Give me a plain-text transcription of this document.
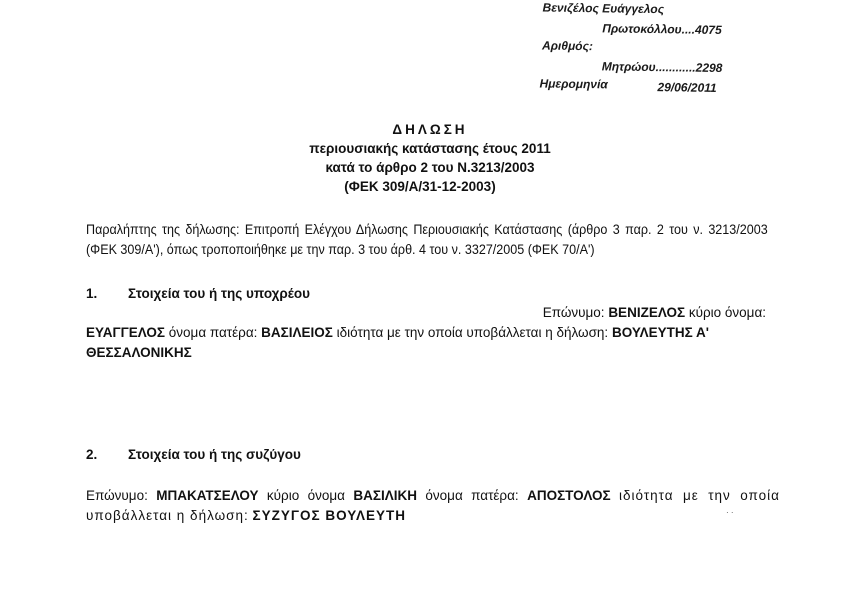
Βενιζέλος Ευάγγελος
Πρωτοκόλλου....4075
Αριθμός:
Μητρώου............2298
Ημερομηνία	29/06/2011
ΔΗΛΩΣΗ
περιουσιακής κατάστασης έτους 2011
κατά το άρθρο 2 του Ν.3213/2003
(ΦΕΚ 309/Α/31-12-2003)
Παραλήπτης της δήλωσης: Επιτροπή Ελέγχου Δήλωσης Περιουσιακής Κατάστασης (άρθρο 3 παρ. 2 του ν. 3213/2003 (ΦΕΚ 309/Α'), όπως τροποποιήθηκε με την παρ. 3 του άρθ. 4 του ν. 3327/2005 (ΦΕΚ 70/Α')
1. Στοιχεία του ή της υποχρέου
Επώνυμο: ΒΕΝΙΖΕΛΟΣ κύριο όνομα:
ΕΥΑΓΓΕΛΟΣ όνομα πατέρα: ΒΑΣΙΛΕΙΟΣ ιδιότητα με την οποία υποβάλλεται η δήλωση: ΒΟΥΛΕΥΤΗΣ Α' ΘΕΣΣΑΛΟΝΙΚΗΣ
2. Στοιχεία του ή της συζύγου
Επώνυμο: ΜΠΑΚΑΤΣΕΛΟΥ κύριο όνομα ΒΑΣΙΛΙΚΗ όνομα πατέρα: ΑΠΟΣΤΟΛΟΣ ιδιότητα με την οποία υποβάλλεται η δήλωση: ΣΥΖΥΓΟΣ ΒΟΥΛΕΥΤΗ	· ·
